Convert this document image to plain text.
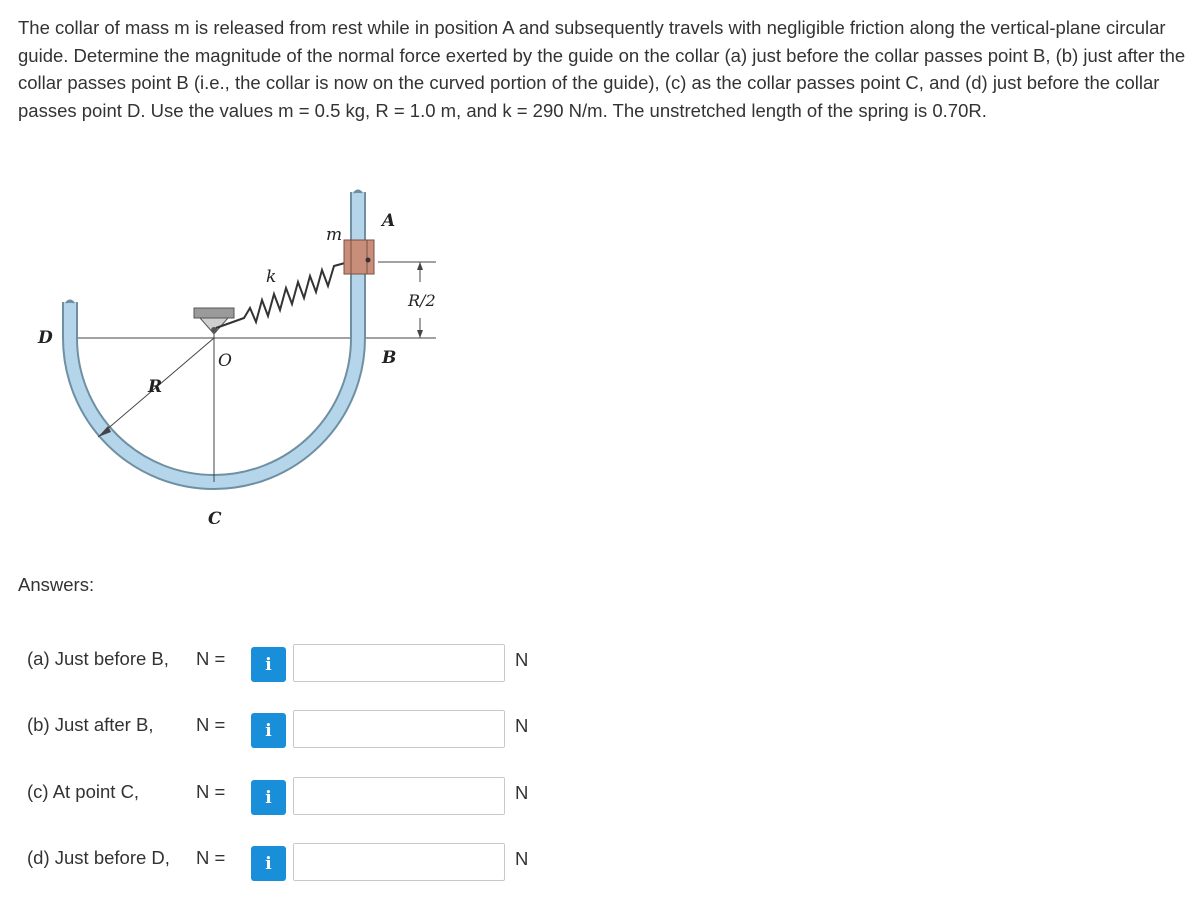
The collar of mass m is released from rest while in position A and subsequently travels with negligible friction along the vertical-plane circular guide. Determine the magnitude of the normal force exerted by the guide on the collar (a) just before the collar passes point B, (b) just after the collar passes point B (i.e., the collar is now on the curved portion of the guide), (c) as the collar passes point C, and (d) just before the collar passes point D. Use the values m = 0.5 kg, R = 1.0 m, and k = 290 N/m. The unstretched length of the spring is 0.70R.

D
O	B
A
m
k
R
R/2
C
Answers:
(a) Just before B, N =	i	N
(b) Just after B, N =	i	N
(c) At point C,	N =	i	N
(d) Just before D, N =	i	N
